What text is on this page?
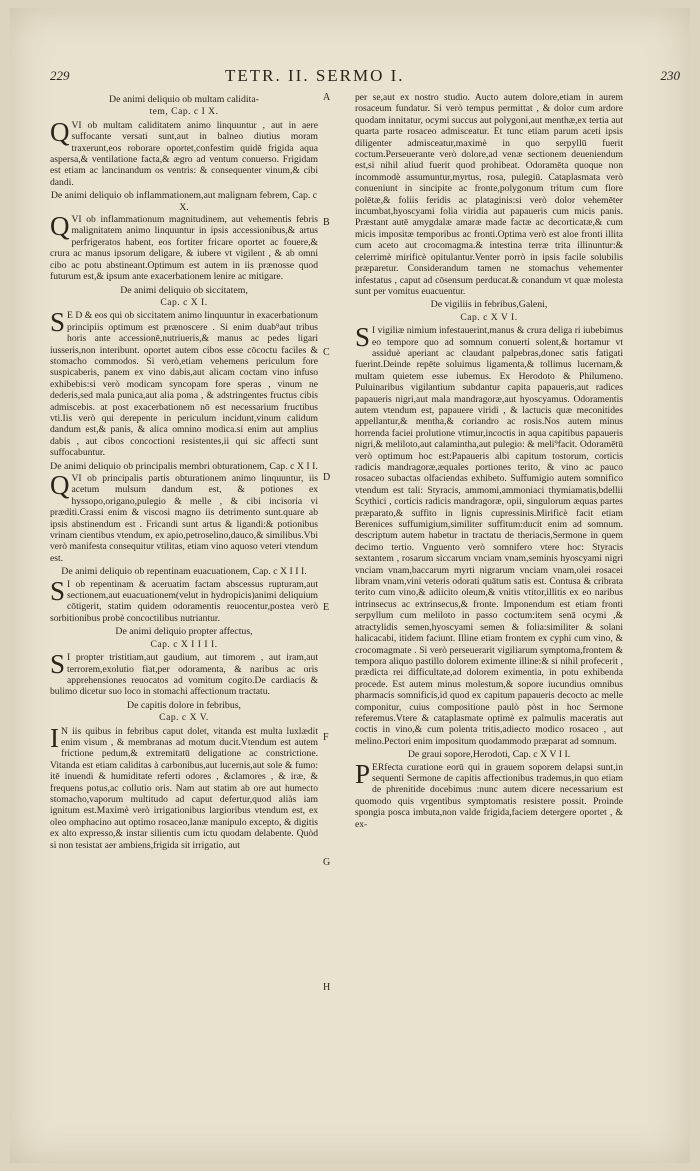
229	TETR. II. SERMO I.	230

De animi deliquio ob multam calidita-

tem, Cap. c I X.

QVI ob multam caliditatem animo linquuntur , aut in aere suffocante versati sunt,aut in balneo diutius moram traxerunt,eos roborare oportet,confestim quidē frigida aqua aspersa,& ventilatione facta,& ægro ad ventum conuerso. Frigidam est etiam ac lancinandum os ventris: & consequenter vinum,& cibi dandi.

De animi deliquio ob inflammationem,aut malignam febrem, Cap. c X.

QVI ob inflammationum magnitudinem, aut vehementis febris malignitatem animo linquuntur in ipsis accessionibus,& artus perfrigeratos habent, eos fortiter fricare oportet ac fouere,& crura ac manus ipsorum deligare, & iubere vt vigilent , & ab omni cibo ac potu abstineant.Optimum est autem in iis prænosse quod futurum est,& ipsum ante exacerbationem lenire ac mitigare.

De animi deliquio ob siccitatem,

Cap. c X I.

S E D & eos qui ob siccitatem animo linquuntur in exacerbationum principiis optimum est prænoscere . Si enim duab⁹aut tribus horis ante accessionē,nutriueris,& manus ac pedes ligari iusseris,non interibunt. oportet autem cibos esse cōcoctu faciles & stomacho commodos. Si verò,etiam vehemens periculum fore suspicaberis, panem ex vino dabis,aut alicam coctam vino infuso exhibebis:si verò modicam syncopam fore speras , vinum ne dederis,sed mala punica,aut alia poma , & adstringentes fructus cibis admiscebis. at post exacerbationem nō est necessarium fructibus vti.Iis verò qui derepente in periculum incidunt,vinum calidum dandum est,& panis, & alica omnino modica.si enim aut amplius dabis , aut cibos concoctioni resistentes,ii qui sic affecti sunt suffocabuntur.

De animi deliquio ob principalis membri obturationem, Cap. c X I I.

QVI ob principalis partis obturationem animo linquuntur, iis acetum mulsum dandum est, & potiones ex hyssopo,origano,pulegio & melle , & cibi incisoria vi præditi.Crassi enim & viscosi magno iis detrimento sunt.quare ab ipsis abstinendum est . Fricandi sunt artus & ligandi:& potionibus vrinam cientibus vtendum, ex apio,petroselino,dauco,& similibus.Vbi verò manifesta consequitur vtilitas, etiam vino aquoso veteri vtendum est.

De animi deliquio ob repentinam euacuationem, Cap. c X I I I.

S I ob repentinam & aceruatim factam abscessus rupturam,aut sectionem,aut euacuationem(velut in hydropicis)animi deliquium cōtigerit, statim quidem odoramentis reuocentur,postea verò sorbitionibus probè concoctilibus nutriantur.

De animi deliquio propter affectus,

Cap. c X I I I I.

S I propter tristitiam,aut gaudium, aut timorem , aut iram,aut terrorem,exolutio fiat,per odoramenta, & naribus ac oris apprehensiones reuocatos ad vomitum cogito.De cardiacis & bulimo dicetur suo loco in stomachi affectionum tractatu.

De capitis dolore in febribus,

Cap. c X V.

I N iis quibus in febribus caput dolet, vitanda est multa luxlædit enim visum , & membranas ad motum ducit.Vtendum est autem frictione pedum,& extremitatū deligatione ac constrictione. Vitanda est etiam caliditas à carbonibus,aut lucernis,aut sole & fumo: itē inuendi & humiditate referti odores , &clamores , & iræ, & frequens potus,ac collutio oris. Nam aut statim ab ore aut humecto stomacho,vaporum multitudo ad caput defertur,quod aliàs iam ignitum est.Maximè verò irrigationibus largioribus vtendum est, ex oleo omphacino aut optimo rosaceo,lanæ manipulo excepto, & digitis ex alto expresso,& instar silientis cum ictu quodam delabente. Quòd si non tesistat aer ambiens,frigida sit irrigatio, aut

A
B
C
D
E
F
G
H

per se,aut ex nostro studio. Aucto autem dolore,etiam in aurem rosaceum fundatur. Si verò tempus permittat , & dolor cum ardore quodam innitatur, ocymi succus aut polygoni,aut menthæ,ex tertia aut quarta parte rosaceo admisceatur. Et tunc etiam parum aceti ipsis diligenter admisceatur,maximè in quo serpyllū fuerit coctum.Perseuerante verò dolore,ad venæ sectionem deueniendum est,si nihil aliud fuerit quod prohibeat. Odoramēta quoque non incommodè assumuntur,myrtus, rosa, pulegiū. Cataplasmata verò conueniunt in sincipite ac fronte,polygonum tritum cum flore polētæ,& foliis feridis ac plataginis:si verò dolor vehemēter incumbat,hyoscyami folia viridia aut papaueris cum micis panis. Præstant autē amygdalæ amaræ made factæ ac decorticatæ,& cum micis impositæ temporibus ac fronti.Optima verò est aloe fronti illita cum aceto aut crocomagma.& intestina terræ trita illinuntur:& celerrimè mirificè opitulantur.Venter porrò in ipsis facile solubilis præparetur. Considerandum tamen ne stomachus vehementer infestatus , caput ad cōsensum perducat.& conandum vt quæ molesta sunt per vomitus euacuentur.

De vigiliis in febribus,Galeni,

Cap. c X V I.

S I vigiliæ nimium infestauerint,manus & crura deliga ri iubebimus eo tempore quo ad somnum conuerti solent,& hortamur vt assiduè aperiant ac claudant palpebras,donec satis fatigati fuerint.Deinde repēte soluimus ligamenta,& tollimus lucernam,& multam quietem esse iubemus. Ex Herodoto & Philumeno. Puluinaribus vigilantium subdantur capita papaueris,aut radices papaueris nigri,aut mala mandragoræ,aut hyoscyamus. Odoramentis autem vtendum est, papauere viridi , & lactucis quæ meconitides appellantur,& mentha,& coriandro ac rosis.Nos autem minus horrenda faciei prolutione vtimur,incoctis in aqua capitibus papaueris nigri,& meliloto,aut calamintha,aut pulegio: & meli⁹facit. Odoramētū verò optimum hoc est:Papaueris albi capitum tostorum, corticis radicis mandragoræ,æquales portiones terito, & vino ac pauco rosaceo subactas olfaciendas exhibeto. Suffumigio autem somnifico vtendum est tali: Styracis, ammomi,ammoniaci thymiamatis,bdellii Scythici , corticis radicis mandragoræ, opii, singulorum æquas partes præparato,& suffito in lignis cupressinis.Mirificè facit etiam Berenices suffumigium,similiter suffitum:ducit enim ad somnum. descriptum autem habetur in tractatu de theriacis,Sermone in quem decimo tertio. Vnguento verò somnifero vtere hoc: Styracis sextantem , rosarum siccarum vnciam vnam,seminis hyoscyami nigri vnciam vnam,baccarum myrti nigrarum vnciam vnam,olei rosacei libram vnam,vini veteris odorati quātum satis est. Contusa & cribrata terito cum vino,& adiicito oleum,& vnitis vtitor,illitis ex eo naribus intrinsecus ac extrinsecus,& fronte. Imponendum est etiam fronti serpyllum cum meliloto in passo coctum:item senā ocymi ,& atractylidis semen,hyoscyami semen & folia:similiter & solani halicacabi, itidem faciunt. Illine etiam frontem ex cyphi cum vino, & crocomagmate . Si verò perseuerarit vigiliarum symptoma,frontem & tempora aliquo pastillo dolorem eximente illine:& si nihil profecerit , prædicta rei difficultate,ad dolorem eximentia, in potu exhibenda procede. Est autem minus molestum,& sopore iucundius omnibus pharmacis somnificis,id quod ex capitum papaueris decocto ac melle componitur, cuius compositione paulò pòst in hoc Sermone referemus.Vtere & cataplasmate optimè ex palmulis maceratis aut coctis in vino,& cum polenta tritis,adiecto modico rosaceo , aut melino.Pectori enim impositum quodammodo præparat ad somnum.

De graui sopore,Herodoti, Cap. c X V I I.

P ERfecta curatione eorū qui in grauem soporem delapsi sunt,in sequenti Sermone de capitis affectionibus trademus,in quo etiam de phrenitide docebimus :nunc autem dicere necessarium est quomodo quis vrgentibus symptomatis resistere possit. Proinde spongia posca imbuta,non valde frigida,faciem detergere oportet , & ex-
